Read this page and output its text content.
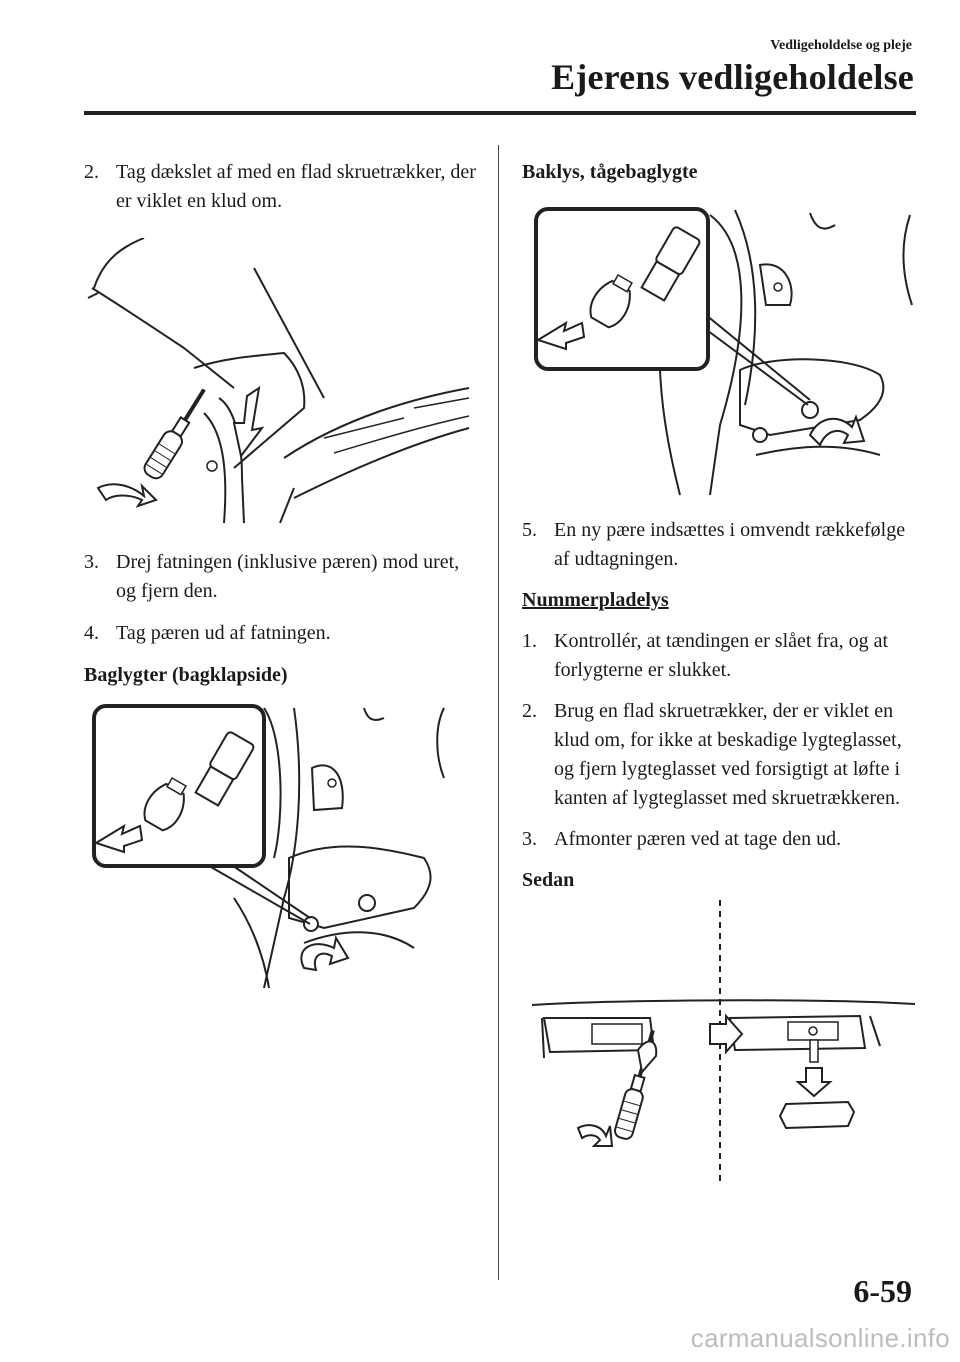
Vedligeholdelse og pleje
Ejerens vedligeholdelse
2. Tag dækslet af med en flad skruetrækker, der er viklet en klud om.
3. Drej fatningen (inklusive pæren) mod uret, og fjern den.
4. Tag pæren ud af fatningen.

Baglygter (bagklapside)

Baklys, tågebaglygte

5. En ny pære indsættes i omvendt rækkefølge af udtagningen.

Nummerpladelys

1. Kontrollér, at tændingen er slået fra, og at forlygterne er slukket.
2. Brug en flad skruetrækker, der er viklet en klud om, for ikke at beskadige lygteglasset, og fjern lygteglasset ved forsigtigt at løfte i kanten af lygteglasset med skruetrækkeren.
3. Afmonter pæren ved at tage den ud.

Sedan

6-59
carmanualsonline.info
